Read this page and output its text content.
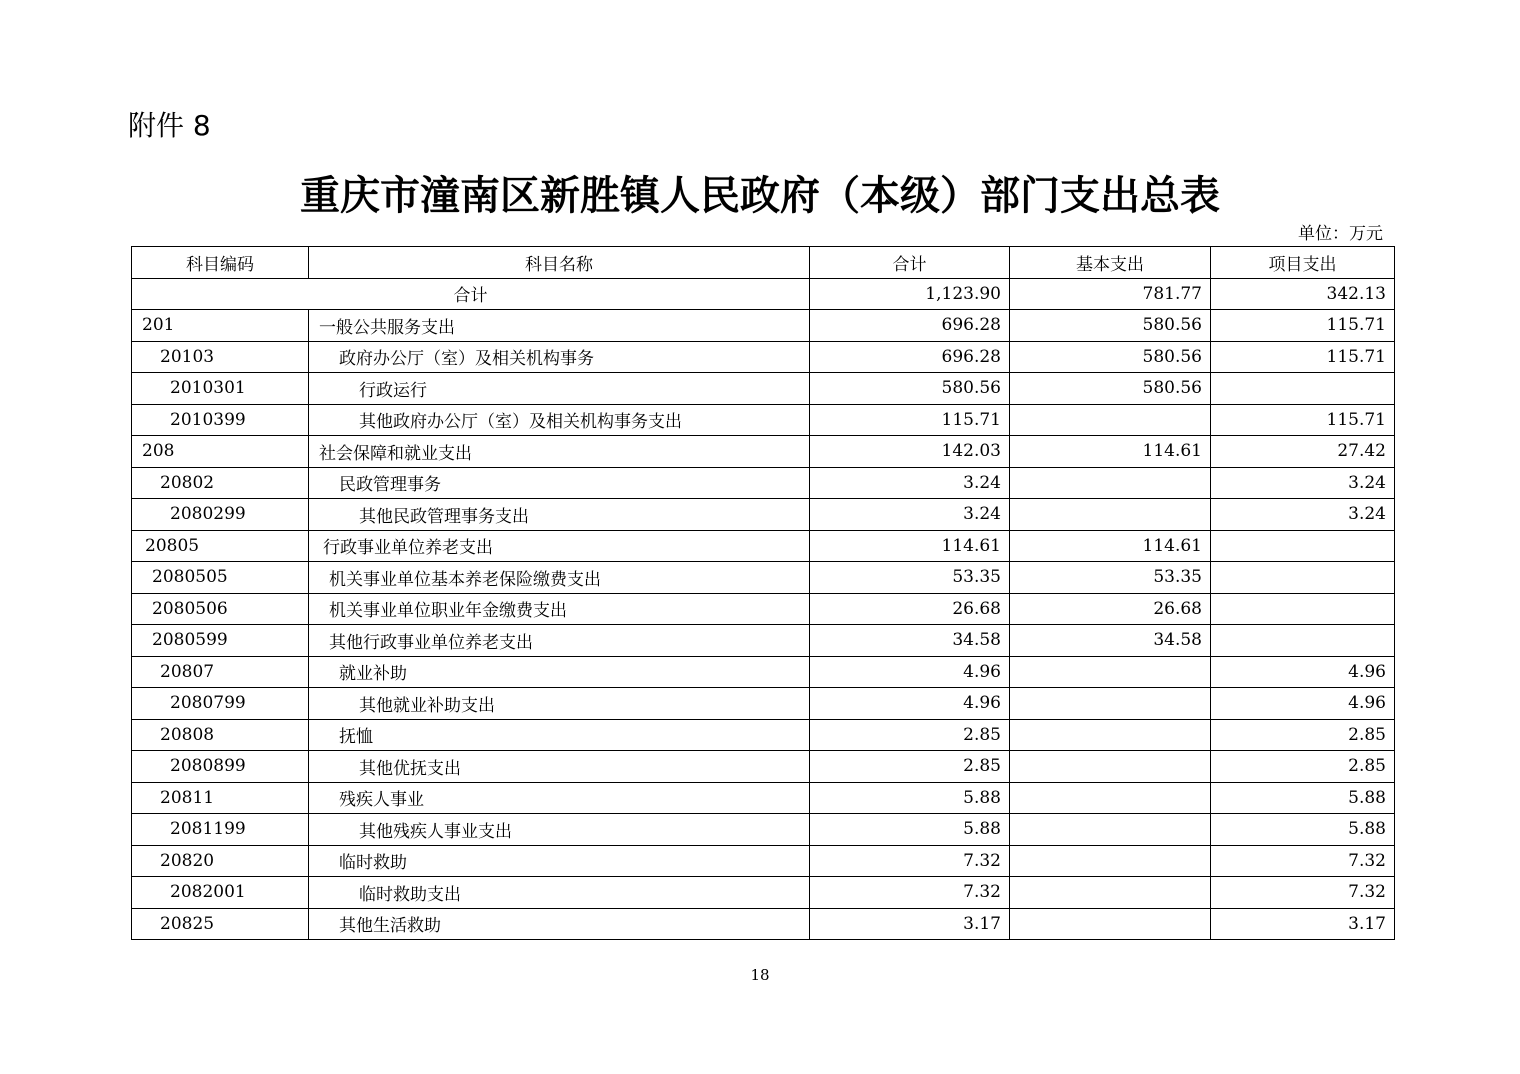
附件 8
重庆市潼南区新胜镇人民政府（本级）部门支出总表
单位：万元
科目编码	科目名称	合计	基本支出	项目支出
合计		1,123.90	781.77	342.13
201	一般公共服务支出	696.28	580.56	115.71
20103	政府办公厅（室）及相关机构事务	696.28	580.56	115.71
2010301	行政运行	580.56	580.56	
2010399	其他政府办公厅（室）及相关机构事务支出	115.71		115.71
208	社会保障和就业支出	142.03	114.61	27.42
20802	民政管理事务	3.24		3.24
2080299	其他民政管理事务支出	3.24		3.24
20805	行政事业单位养老支出	114.61	114.61	
2080505	机关事业单位基本养老保险缴费支出	53.35	53.35	
2080506	机关事业单位职业年金缴费支出	26.68	26.68	
2080599	其他行政事业单位养老支出	34.58	34.58	
20807	就业补助	4.96		4.96
2080799	其他就业补助支出	4.96		4.96
20808	抚恤	2.85		2.85
2080899	其他优抚支出	2.85		2.85
20811	残疾人事业	5.88		5.88
2081199	其他残疾人事业支出	5.88		5.88
20820	临时救助	7.32		7.32
2082001	临时救助支出	7.32		7.32
20825	其他生活救助	3.17		3.17
18
